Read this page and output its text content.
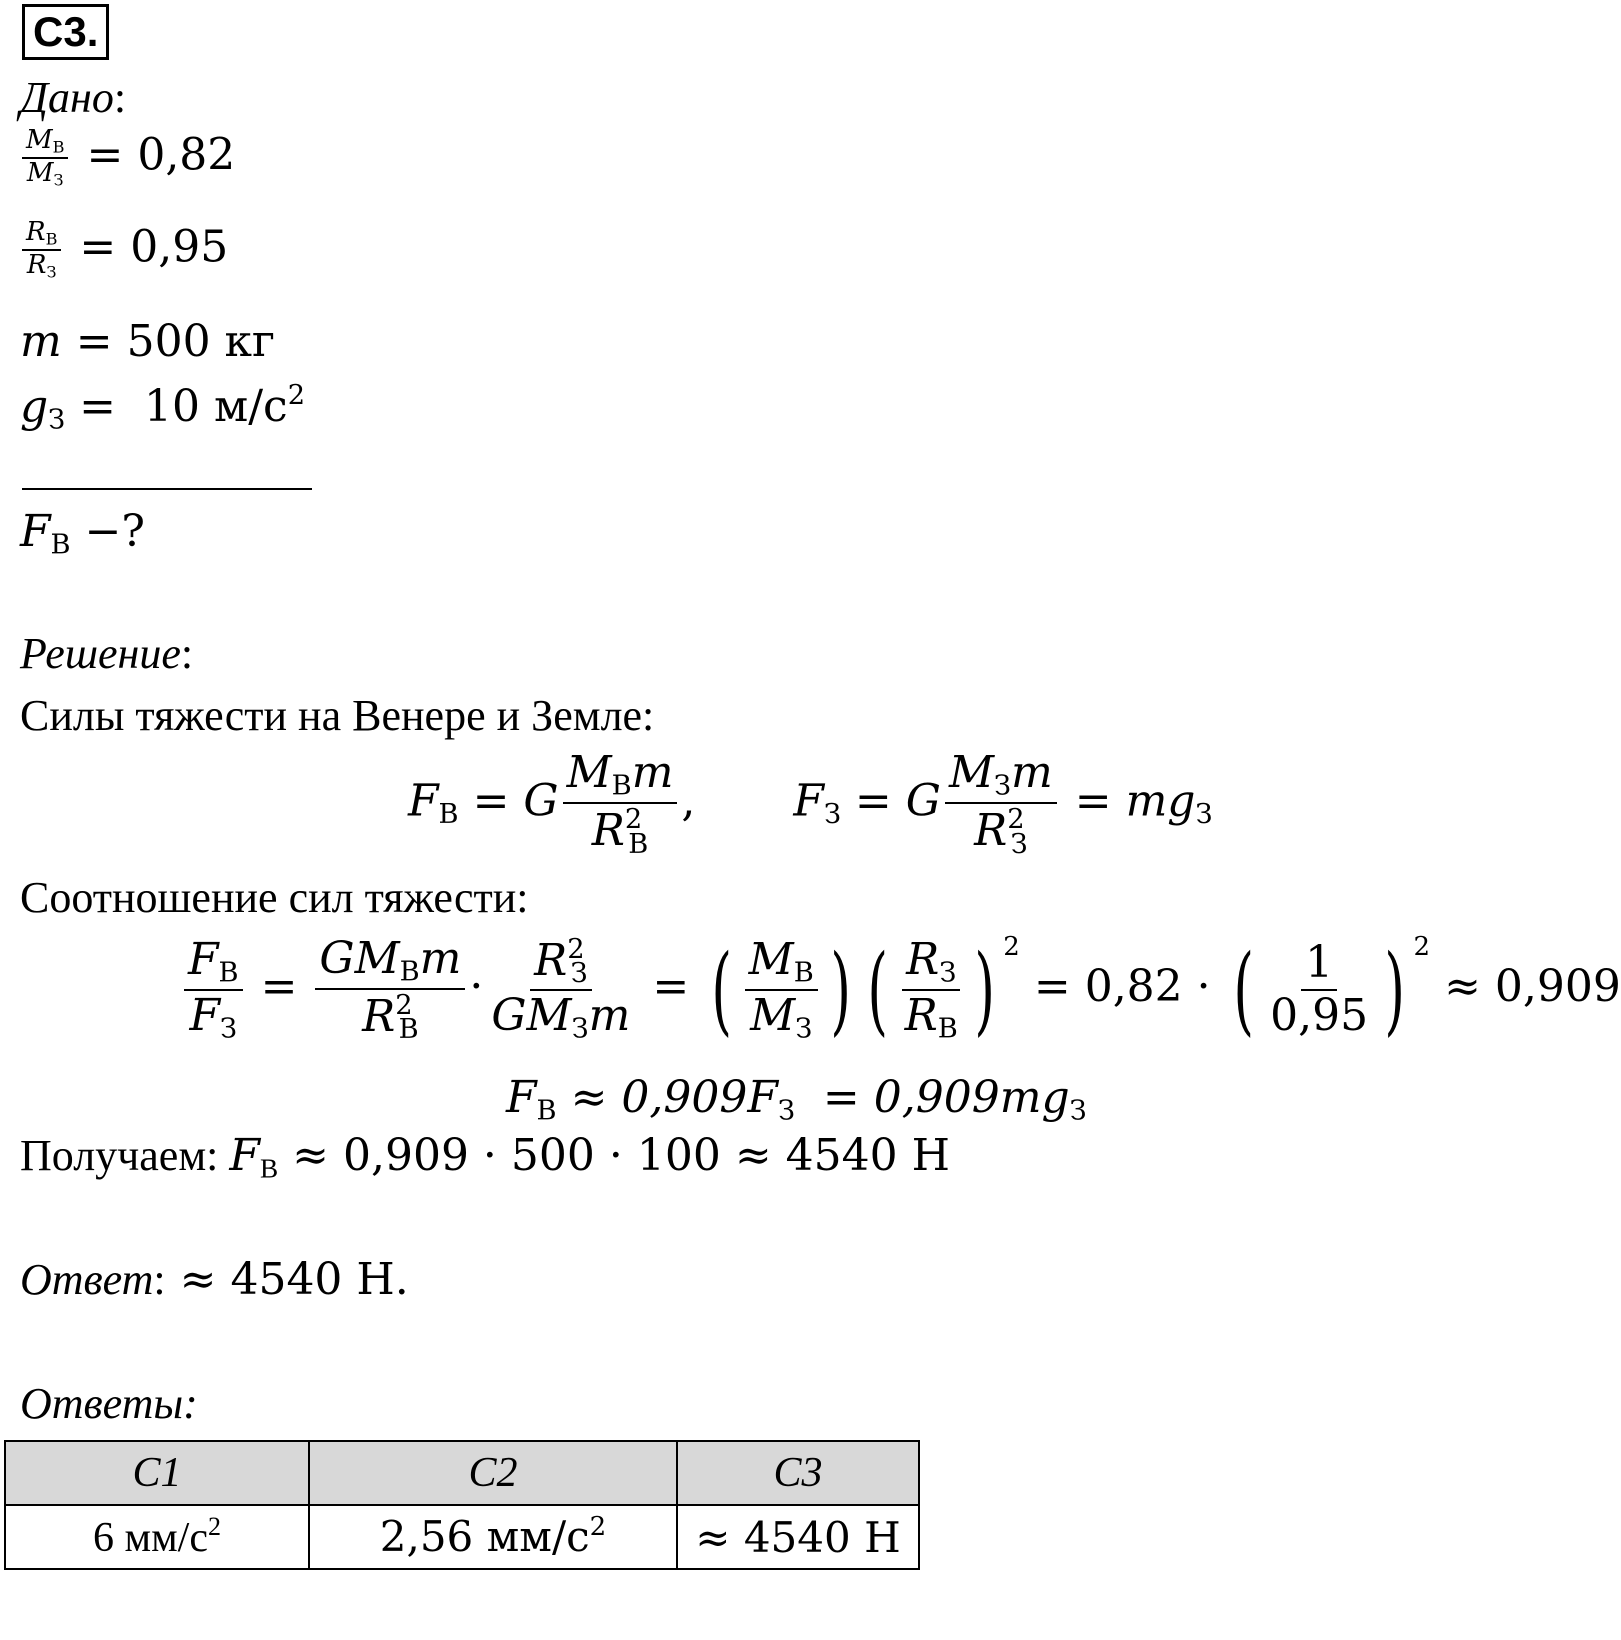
С3.
Дано:
$\frac{M_В}{M_З} = 0,82$
$\frac{R_В}{R_З} = 0,95$
m = 500 кг
$g_З = 10$ $м/с^2$
$F_В$ −?
Решение:
Силы тяжести на Венере и Земле:
$F_В = G \frac{M_Вm}{R^2_В}$ ,  $F_З = G \frac{M_Зm}{R^2_З} = mg_З$
Соотношение сил тяжести:
$\frac{F_В}{F_З} = \frac{GM_Вm}{R^2_В} \cdot \frac{R^2_З}{GM_Зm}$ = ( $\frac{M_В}{M_З}$ ) ( $\frac{R_З}{R_В}$ ) $^2$ = 0,82 · ( $\frac{1}{0,95}$ ) $^2$ ≈ 0,909
$F_В \approx 0,909F_З = 0,909mg_З$
Получаем: $F_В \approx 0,909 \cdot 500 \cdot 100 \approx 4540$ Н
Ответ: ≈ 4540 Н.
Ответы:
С1	С2	С3
6 $мм/с^2$	2,56 $мм/с^2$	≈ 4540 Н
